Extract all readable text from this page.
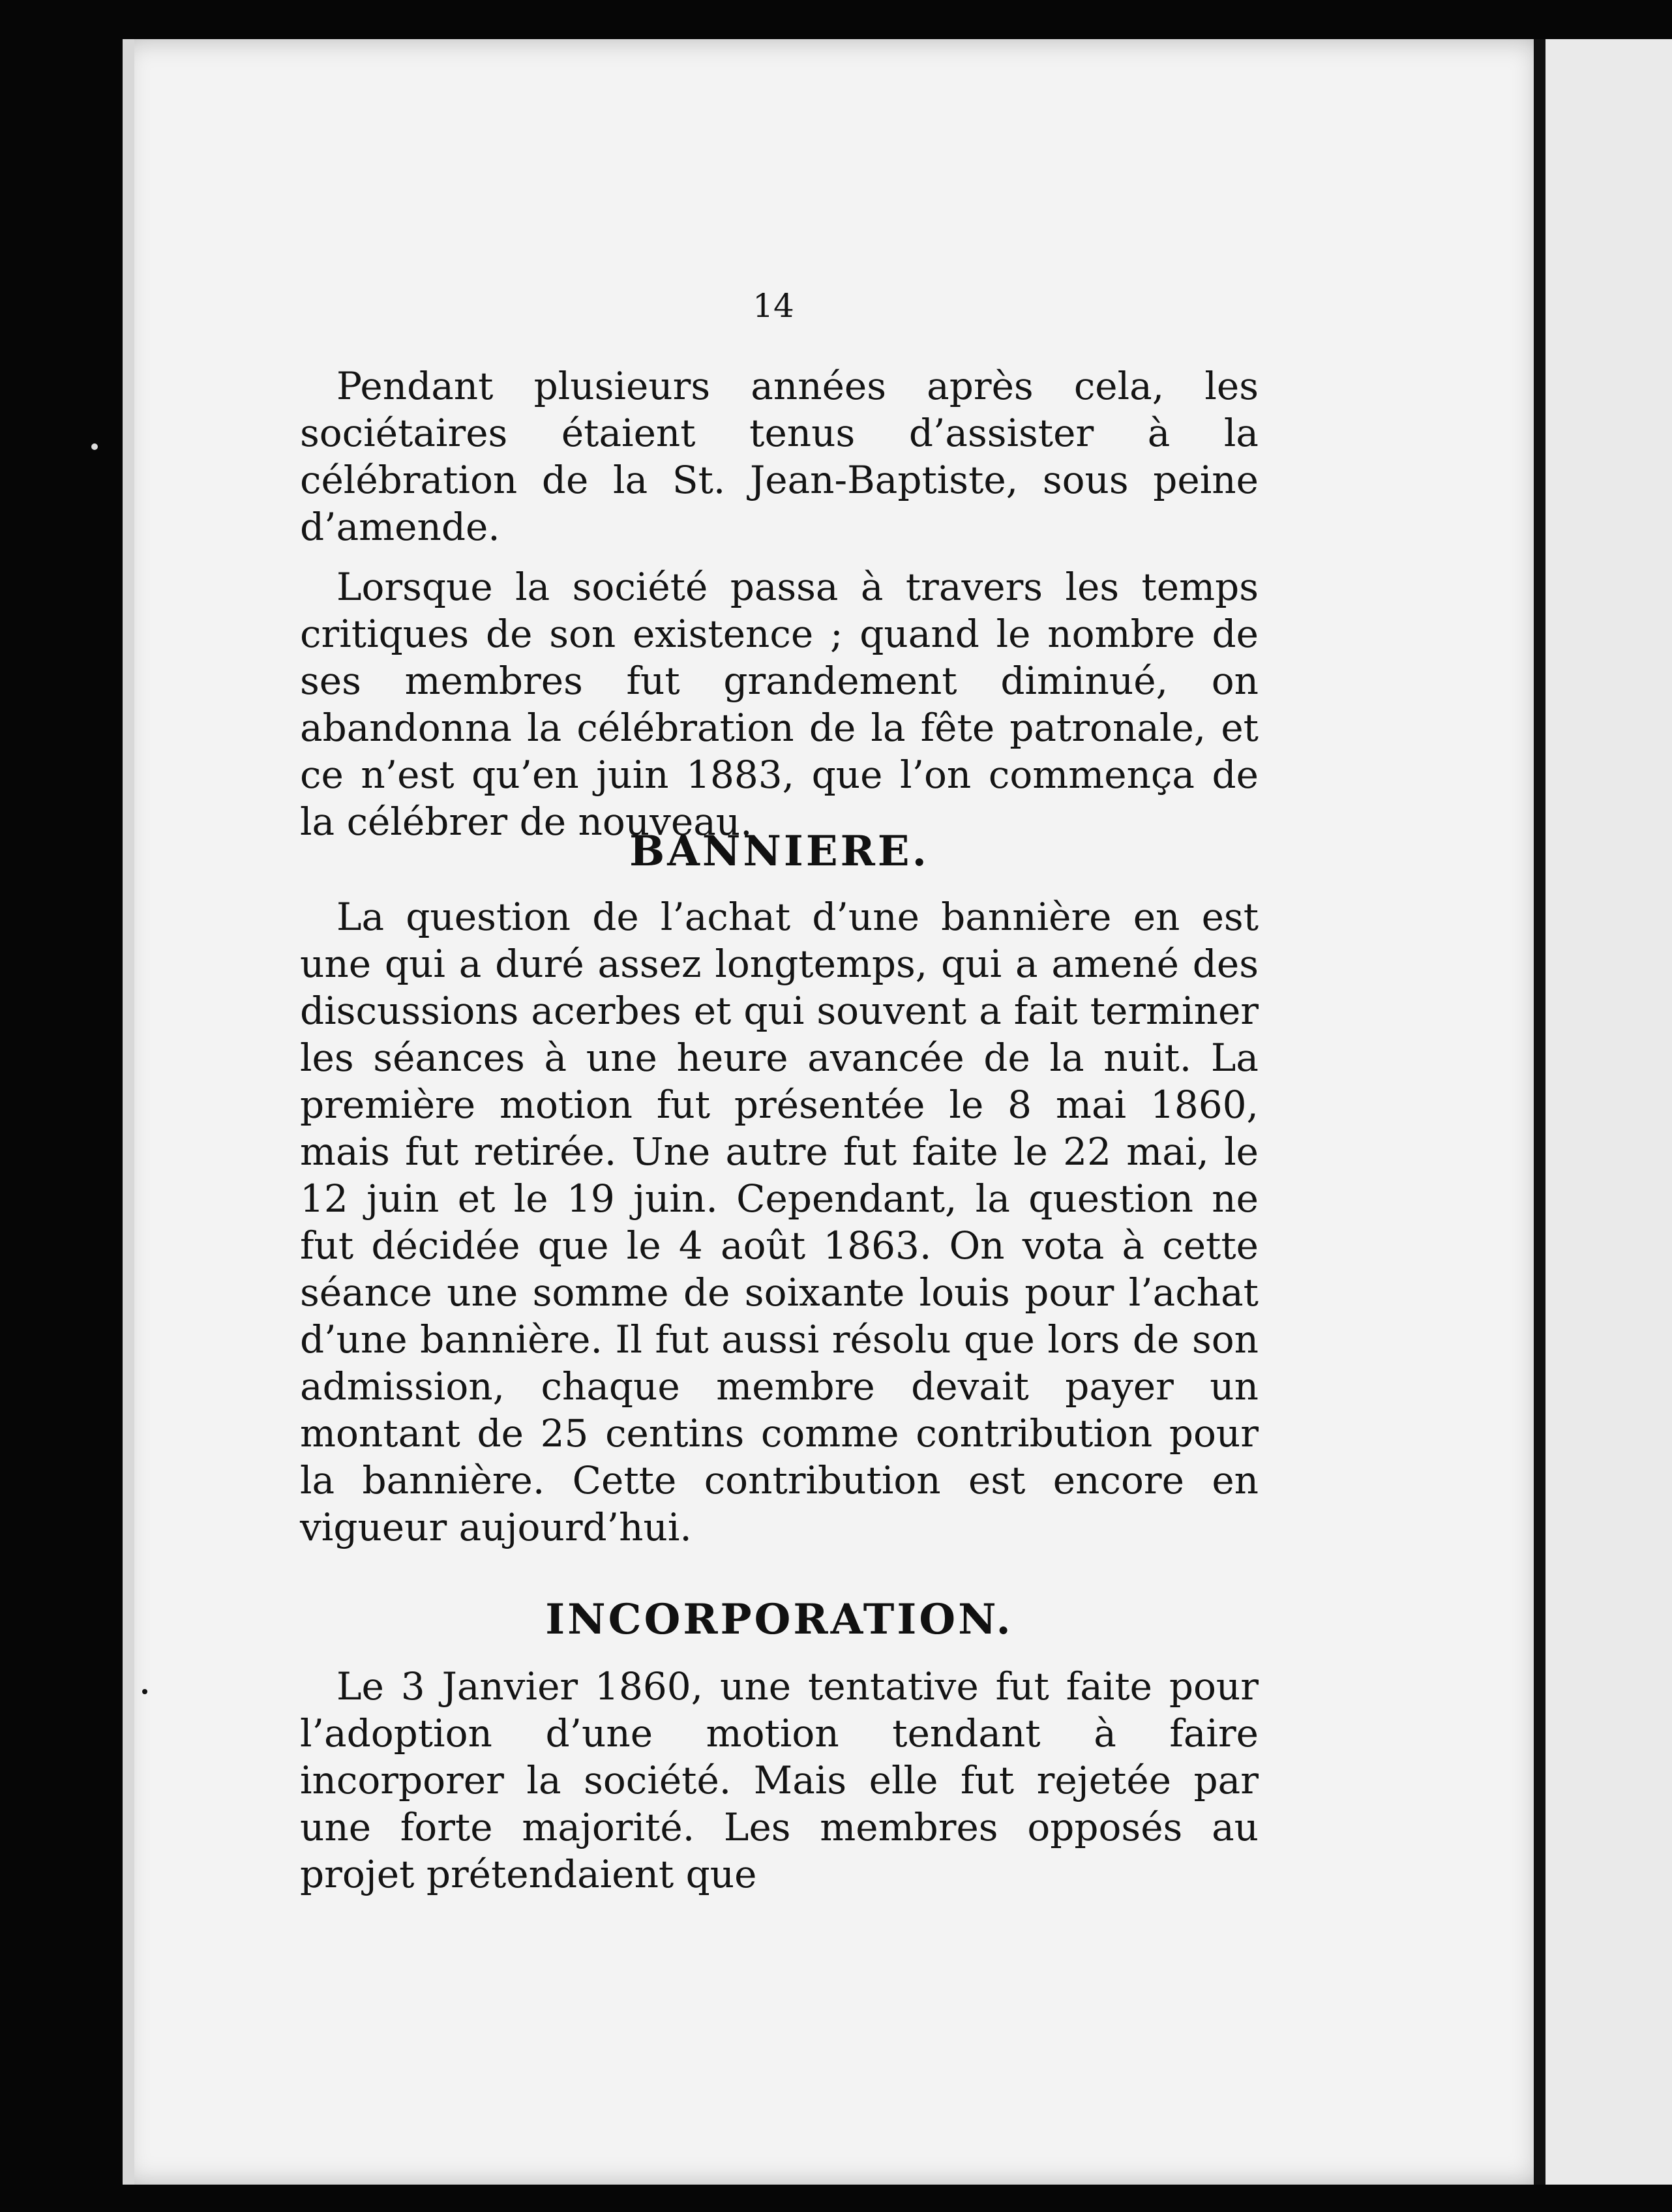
14

Pendant plusieurs années après cela, les sociétaires étaient tenus d’assister à la célébration de la St. Jean-Baptiste, sous peine d’amende.

Lorsque la société passa à travers les temps critiques de son existence ; quand le nombre de ses membres fut grandement diminué, on abandonna la célébration de la fête patronale, et ce n’est qu’en juin 1883, que l’on commença de la célébrer de nouveau.

BANNIERE.

La question de l’achat d’une bannière en est une qui a duré assez longtemps, qui a amené des discussions acerbes et qui souvent a fait terminer les séances à une heure avancée de la nuit. La première motion fut présentée le 8 mai 1860, mais fut retirée. Une autre fut faite le 22 mai, le 12 juin et le 19 juin. Cependant, la question ne fut décidée que le 4 août 1863. On vota à cette séance une somme de soixante louis pour l’achat d’une bannière. Il fut aussi résolu que lors de son admission, chaque membre devait payer un montant de 25 centins comme contribution pour la bannière. Cette contribution est encore en vigueur aujourd’hui.

INCORPORATION.

Le 3 Janvier 1860, une tentative fut faite pour l’adoption d’une motion tendant à faire incorporer la société. Mais elle fut rejetée par une forte majorité. Les membres opposés au projet prétendaient que
